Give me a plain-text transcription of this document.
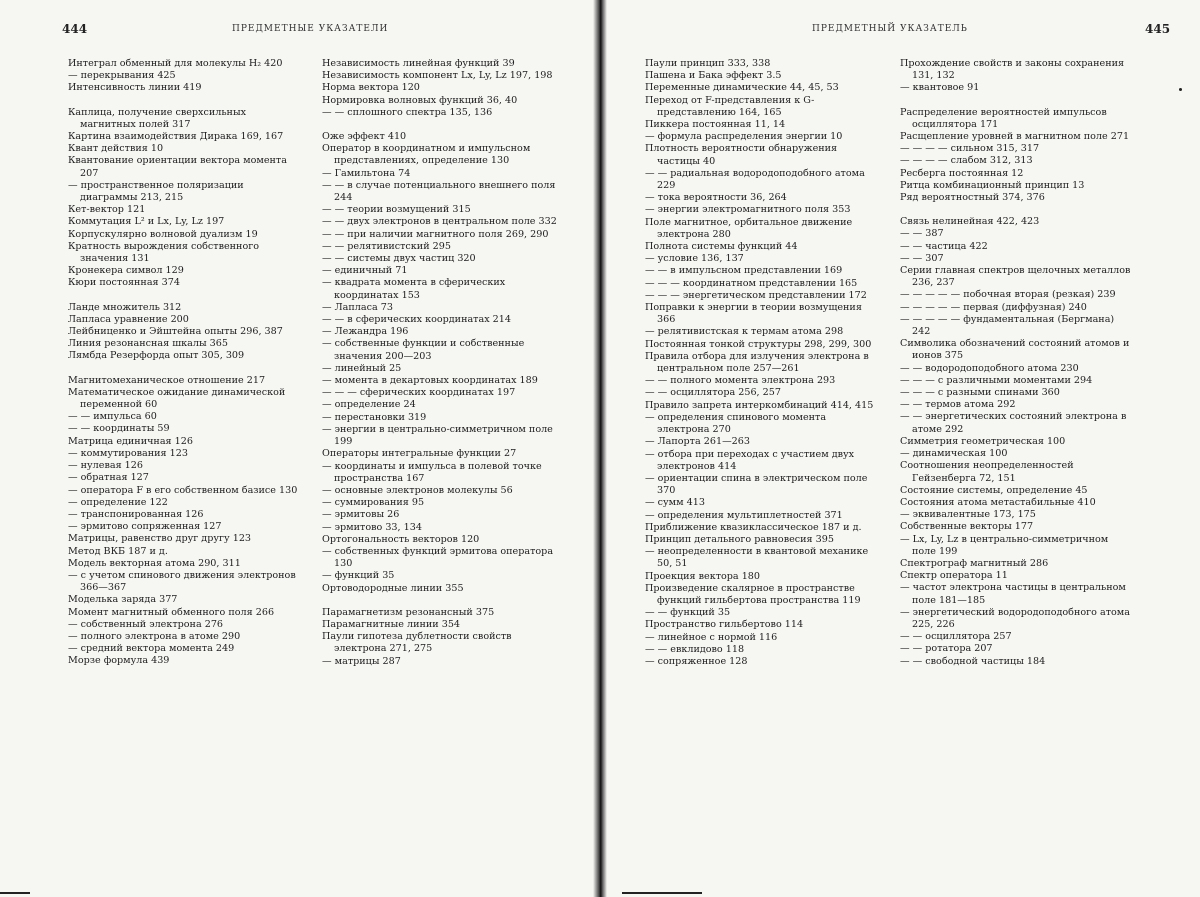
444	ПРЕДМЕТНЫЕ УКАЗАТЕЛИ

Интеграл обменный для молекулы H₂ 420

— перекрывания 425

Интенсивность линии 419

Каплица, получение сверхсильных магнитных полей 317

Картина взаимодействия Дирака 169, 167

Квант действия 10

Квантование ориентации вектора момента 207

— пространственное поляризации диаграммы 213, 215

Кет-вектор 121

Коммутация L² и Lx, Ly, Lz 197

Корпускулярно волновой дуализм 19

Кратность вырождения собственного значения 131

Кронекера символ 129

Кюри постоянная 374

Ланде множитель 312

Лапласа уравнение 200

Лейбниценко и Эйштейна опыты 296, 387

Линия резонансная шкалы 365

Лямбда Резерфорда опыт 305, 309

Магнитомеханическое отношение 217

Математическое ожидание динамической переменной 60

— — импульса 60

— — координаты 59

Матрица единичная 126

— коммутирования 123

— нулевая 126

— обратная 127

— оператора F в его собственном базисе 130

— определение 122

— транспонированная 126

— эрмитово сопряженная 127

Матрицы, равенство друг другу 123

Метод ВКБ 187 и д.

Модель векторная атома 290, 311

— с учетом спинового движения электронов 366—367

Моделька заряда 377

Момент магнитный обменного поля 266

— собственный электрона 276

— полного электрона в атоме 290

— средний вектора момента 249

Морзе формула 439

Независимость линейная функций 39

Независимость компонент Lx, Ly, Lz 197, 198

Норма вектора 120

Нормировка волновых функций 36, 40

— — сплошного спектра 135, 136

Оже эффект 410

Оператор в координатном и импульсном представлениях, определение 130

— Гамильтона 74

— — в случае потенциального внешнего поля 244

— — теории возмущений 315

— — двух электронов в центральном поле 332

— — при наличии магнитного поля 269, 290

— — релятивистский 295

— — системы двух частиц 320

— единичный 71

— квадрата момента в сферических координатах 153

— Лапласа 73

— — в сферических координатах 214

— Лежандра 196

— собственные функции и собственные значения 200—203

— линейный 25

— момента в декартовых координатах 189

— — — сферических координатах 197

— определение 24

— перестановки 319

— энергии в центрально-симметричном поле 199

Операторы интегральные функции 27

— координаты и импульса в полевой точке пространства 167

— основные электронов молекулы 56

— суммирования 95

— эрмитовы 26

— эрмитово 33, 134

Ортогональность векторов 120

— собственных функций эрмитова оператора 130

— функций 35

Ортоводородные линии 355

Парамагнетизм резонансный 375

Парамагнитные линии 354

Паули гипотеза дублетности свойств электрона 271, 275

— матрицы 287

ПРЕДМЕТНЫЙ УКАЗАТЕЛЬ	445

Паули принцип 333, 338

Пашена и Бака эффект 3.5

Переменные динамические 44, 45, 53

Переход от F-представления к G-представлению 164, 165

Пиккера постоянная 11, 14

— формула распределения энергии 10

Плотность вероятности обнаружения частицы 40

— — радиальная водородоподобного атома 229

— тока вероятности 36, 264

— энергии электромагнитного поля 353

Поле магнитное, орбитальное движение электрона 280

Полнота системы функций 44

— условие 136, 137

— — в импульсном представлении 169

— — — координатном представлении 165

— — — энергетическом представлении 172

Поправки к энергии в теории возмущения 366

— релятивистская к термам атома 298

Постоянная тонкой структуры 298, 299, 300

Правила отбора для излучения электрона в центральном поле 257—261

— — полного момента электрона 293

— — осциллятора 256, 257

Правило запрета интеркомбинаций 414, 415

— определения спинового момента электрона 270

— Лапорта 261—263

— отбора при переходах с участием двух электронов 414

— ориентации спина в электрическом поле 370

— сумм 413

— определения мультиплетностей 371

Приближение квазиклассическое 187 и д.

Принцип детального равновесия 395

— неопределенности в квантовой механике 50, 51

Проекция вектора 180

Произведение скалярное в пространстве функций гильбертова пространства 119

— — функций 35

Пространство гильбертово 114

— линейное с нормой 116

— — евклидово 118

— сопряженное 128

Прохождение свойств и законы сохранения 131, 132

— квантовое 91

Распределение вероятностей импульсов осциллятора 171

Расщепление уровней в магнитном поле 271

— — — — сильном 315, 317

— — — — слабом 312, 313

Ресберга постоянная 12

Ритца комбинационный принцип 13

Ряд вероятностный 374, 376

Связь нелинейная 422, 423

— — 387

— — частица 422

— — 307

Серии главная спектров щелочных металлов 236, 237

— — — — — побочная вторая (резкая) 239

— — — — — первая (диффузная) 240

— — — — — фундаментальная (Бергмана) 242

Символика обозначений состояний атомов и ионов 375

— — водородоподобного атома 230

— — — с различными моментами 294

— — — с разными спинами 360

— — термов атома 292

— — энергетических состояний электрона в атоме 292

Симметрия геометрическая 100

— динамическая 100

Соотношения неопределенностей Гейзенберга 72, 151

Состояние системы, определение 45

Состояния атома метастабильные 410

— эквивалентные 173, 175

Собственные векторы 177

— Lx, Ly, Lz в центрально-симметричном поле 199

Спектрограф магнитный 286

Спектр оператора 11

— частот электрона частицы в центральном поле 181—185

— энергетический водородоподобного атома 225, 226

— — осциллятора 257

— — ротатора 207

— — свободной частицы 184
